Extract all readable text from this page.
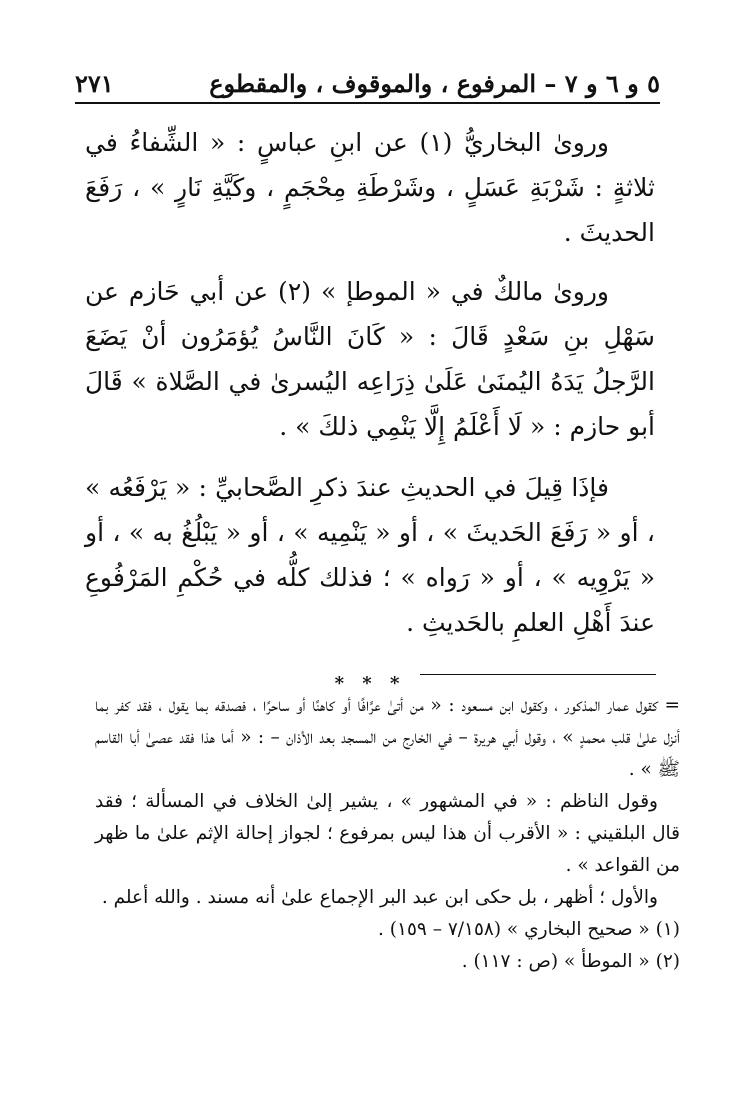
٥ و ٦ و ٧ – المرفوع ، والموقوف ، والمقطوع
٢٧١

وروىٰ البخاريُّ (١) عن ابنِ عباسٍ : « الشِّفاءُ في ثلاثةٍ : شَرْبَةِ عَسَلٍ ، وشَرْطَةِ مِحْجَمٍ ، وكَيَّةِ نَارٍ » ، رَفَعَ الحديثَ .

وروىٰ مالكٌ في « الموطإ » (٢) عن أبي حَازم عن سَهْلِ بنِ سَعْدٍ قَالَ : « كَانَ النَّاسُ يُؤمَرُون أنْ يَضَعَ الرَّجلُ يَدَهُ اليُمنَىٰ عَلَىٰ ذِرَاعِه اليُسرىٰ في الصَّلاة » قَالَ أبو حازم : « لَا أَعْلَمُ إِلَّا يَنْمِي ذلكَ » .

فإذَا قِيلَ في الحديثِ عندَ ذكرِ الصَّحابيِّ : « يَرْفَعُه » ، أو « رَفَعَ الحَديثَ » ، أو « يَنْمِيه » ، أو « يَبْلُغُ به » ، أو « يَرْوِيه » ، أو « رَواه » ؛ فذلك كلُّه في حُكْمِ المَرْفُوعِ عندَ أَهْلِ العلمِ بالحَديثِ .

* * *

=كقول عمار المذكور ، وكقول ابن مسعود : « من أتىٰ عرَّافًا أو كاهنًا أو ساحرًا ، فصدقه بما يقول ، فقد كفر بما أنزل علىٰ قلب محمدٍ » ، وقول أبي هريرة – في الخارج من المسجد بعد الأذان – : « أما هذا فقد عصىٰ أبا القاسم ﷺ » .

وقول الناظم : « في المشهور » ، يشير إلىٰ الخلاف في المسألة ؛ فقد قال البلقيني : « الأقرب أن هذا ليس بمرفوع ؛ لجواز إحالة الإثم علىٰ ما ظهر من القواعد » .

والأول ؛ أظهر ، بل حكى ابن عبد البر الإجماع علىٰ أنه مسند . والله أعلم .

(١) « صحيح البخاري » (٧/١٥٨ – ١٥٩) .

(٢) « الموطأ » (ص : ١١٧) .
